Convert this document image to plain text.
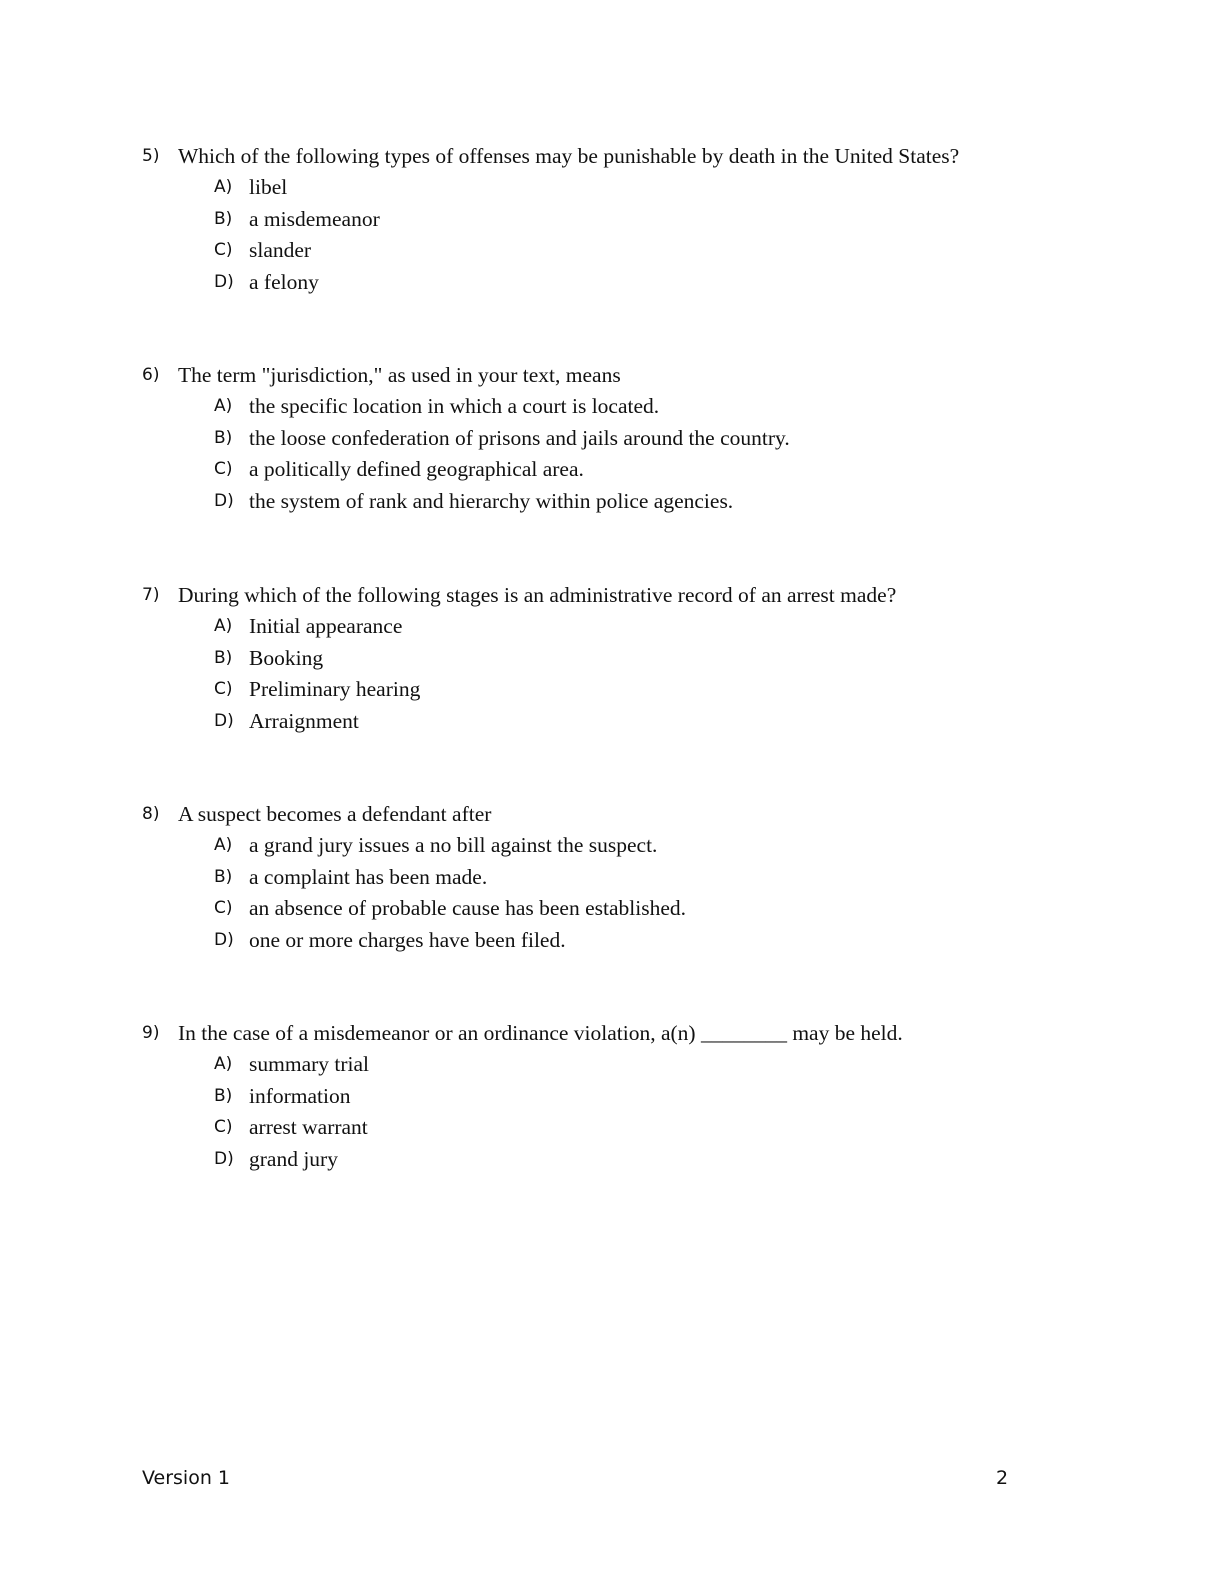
5) Which of the following types of offenses may be punishable by death in the United States?
A) libel
B) a misdemeanor
C) slander
D) a felony
6) The term "jurisdiction," as used in your text, means
A) the specific location in which a court is located.
B) the loose confederation of prisons and jails around the country.
C) a politically defined geographical area.
D) the system of rank and hierarchy within police agencies.
7) During which of the following stages is an administrative record of an arrest made?
A) Initial appearance
B) Booking
C) Preliminary hearing
D) Arraignment
8) A suspect becomes a defendant after
A) a grand jury issues a no bill against the suspect.
B) a complaint has been made.
C) an absence of probable cause has been established.
D) one or more charges have been filed.
9) In the case of a misdemeanor or an ordinance violation, a(n) ________ may be held.
A) summary trial
B) information
C) arrest warrant
D) grand jury
Version 1	2
